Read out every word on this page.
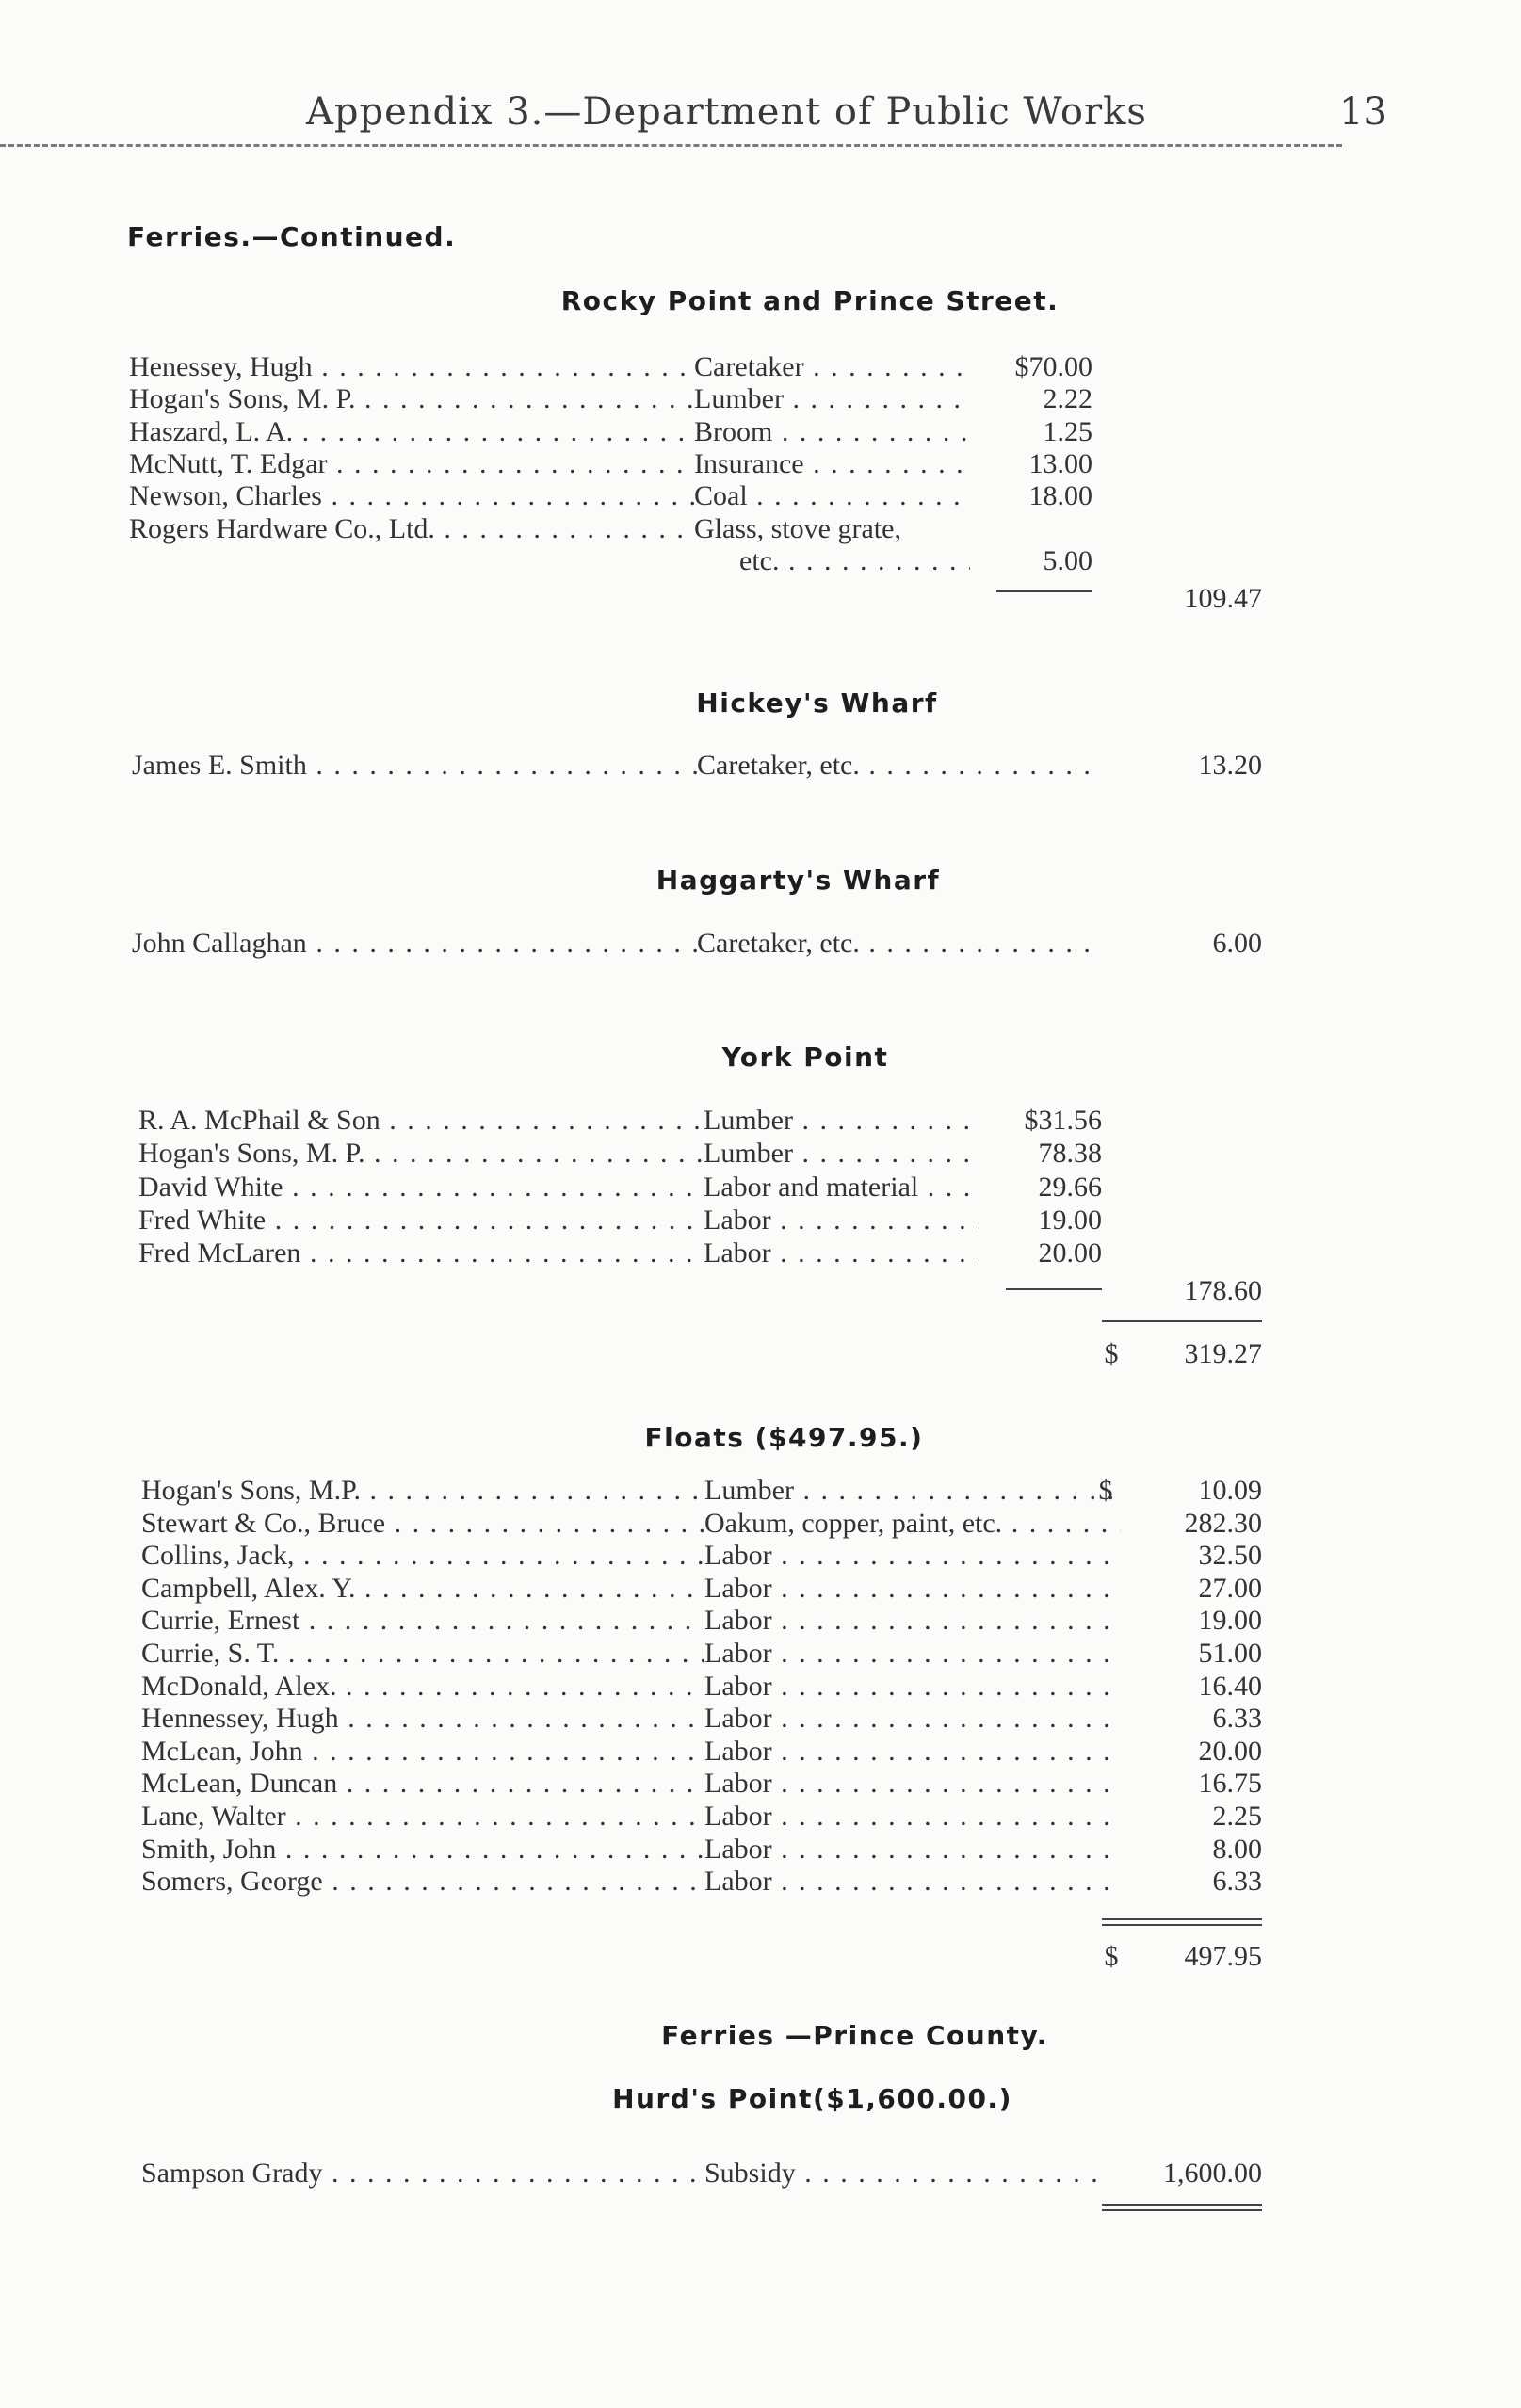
Appendix 3.—Department of Public Works	13
Ferries.—Continued.
Rocky Point and Prince Street.
Henessey, Hugh . . .	Caretaker . . .	$70.00
Hogan's Sons, M. P. . . .	Lumber . . .	2.22
Haszard, L. A. . . .	Broom . . .	1.25
McNutt, T. Edgar . . .	Insurance . . .	13.00
Newson, Charles . . .	Coal . . .	18.00
Rogers Hardware Co., Ltd. . . .	Glass, stove grate,
etc. . . .	5.00
109.47
Hickey's Wharf
James E. Smith . . .	Caretaker, etc. . . .	13.20
Haggarty's Wharf
John Callaghan . . .	Caretaker, etc. . . .	6.00
York Point
R. A. McPhail & Son . . .	Lumber . . .	$31.56
Hogan's Sons, M. P. . . .	Lumber . . .	78.38
David White . . .	Labor and material . . .	29.66
Fred White . . .	Labor . . .	19.00
Fred McLaren . . .	Labor . . .	20.00
178.60
$	319.27
Floats ($497.95.)
Hogan's Sons, M.P. . . .	Lumber . . .	$	10.09
Stewart & Co., Bruce . . .	Oakum, copper, paint, etc. . . .	282.30
Collins, Jack, . . .	Labor . . .	32.50
Campbell, Alex. Y. . . .	Labor . . .	27.00
Currie, Ernest . . .	Labor . . .	19.00
Currie, S. T. . . .	Labor . . .	51.00
McDonald, Alex. . . .	Labor . . .	16.40
Hennessey, Hugh . . .	Labor . . .	6.33
McLean, John . . .	Labor . . .	20.00
McLean, Duncan . . .	Labor . . .	16.75
Lane, Walter . . .	Labor . . .	2.25
Smith, John . . .	Labor . . .	8.00
Somers, George . . .	Labor . . .	6.33
$	497.95
Ferries —Prince County.
Hurd's Point($1,600.00.)
Sampson Grady . . .	Subsidy . . .	1,600.00
